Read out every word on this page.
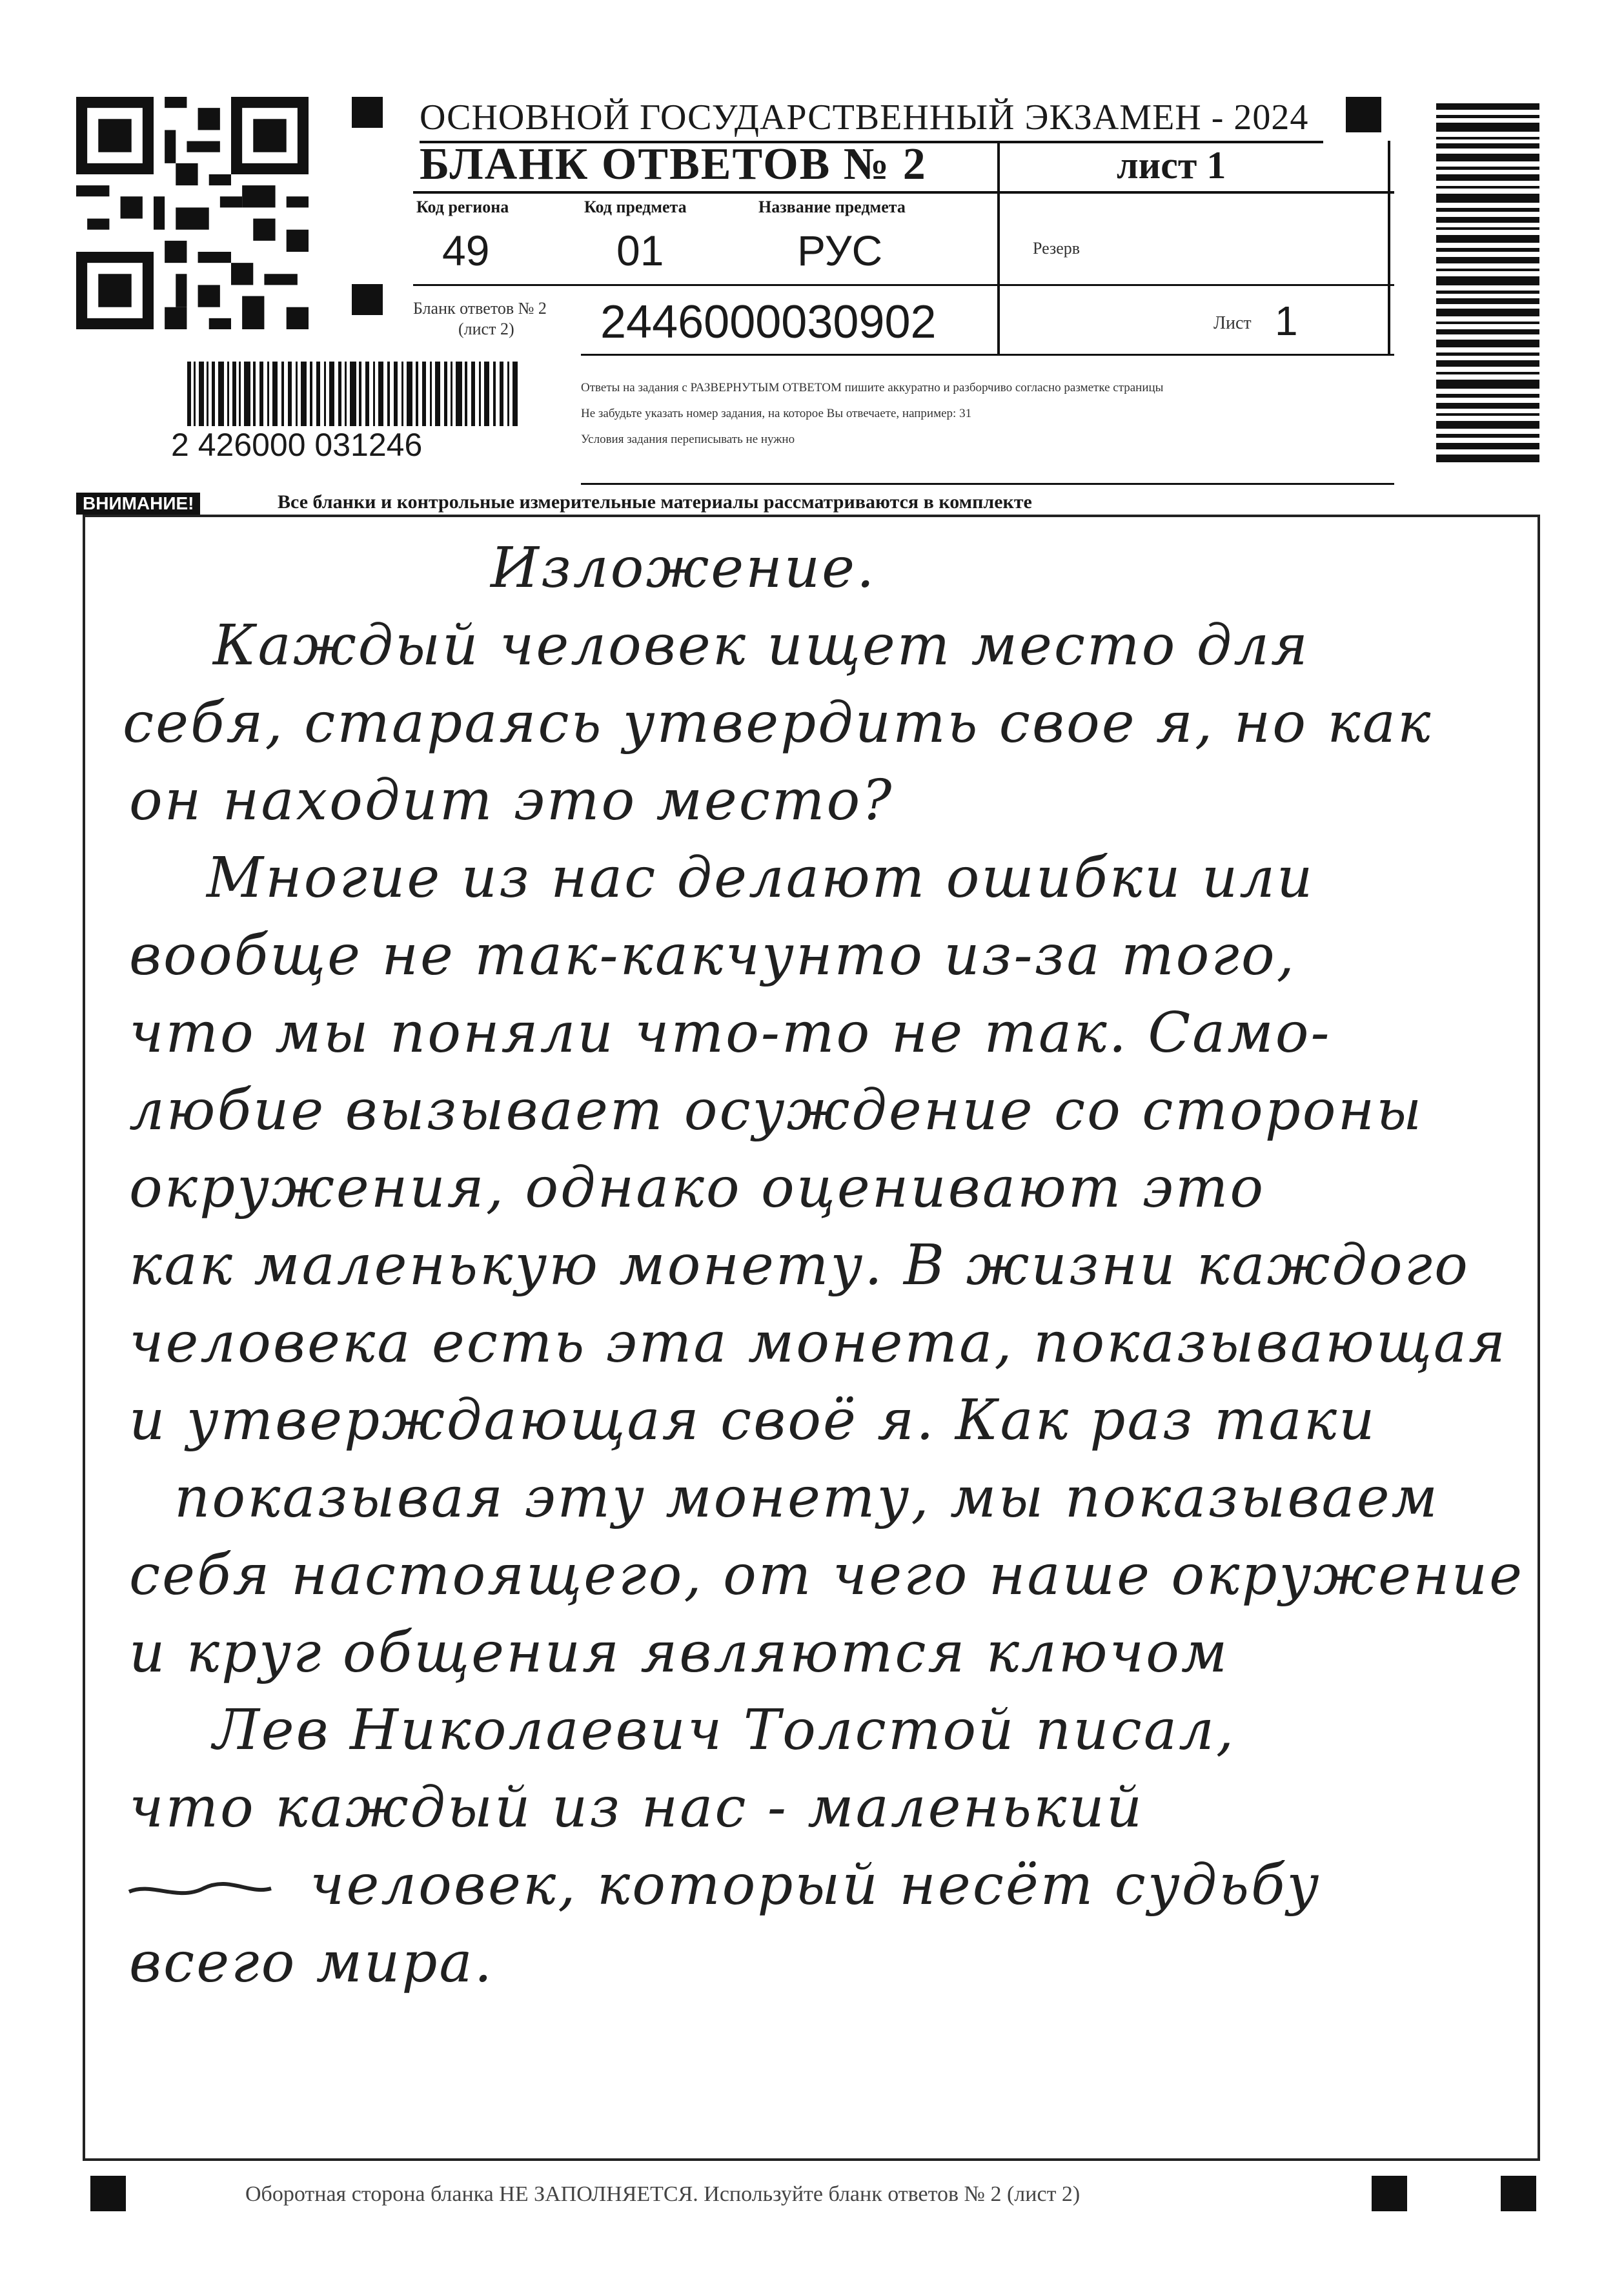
ОСНОВНОЙ ГОСУДАРСТВЕННЫЙ ЭКЗАМЕН - 2024
БЛАНК ОТВЕТОВ № 2	лист 1
Код региона
49
Код предмета
01
Название предмета
РУС	Резерв
Бланк ответов № 2
(лист 2) 2446000030902	Лист 1
2 426000 031246
Ответы на задания с РАЗВЕРНУТЫМ ОТВЕТОМ пишите аккуратно и разборчиво согласно разметке страницы
Не забудьте указать номер задания, на которое Вы отвечаете, например: 31
Условия задания переписывать не нужно
ВНИМАНИЕ!	Все бланки и контрольные измерительные материалы рассматриваются в комплекте
Изложение.
Каждый человек ищет место для
себя, стараясь утвердить свое я, но как
он находит это место?
Многие из нас делают ошибки или
вообще не так-какчунто из-за того,
что мы поняли что-то не так. Само-
любие вызывает осуждение со стороны
окружения, однако оценивают это
как маленькую монету. В жизни каждого
человека есть эта монета, показывающая
и утверждающая своё я. Как раз таки
показывая эту монету, мы показываем
себя настоящего, от чего наше окружение
и круг общения являются ключом
Лев Николаевич Толстой писал,
что каждый из нас - маленький
человек, который несёт судьбу
всего мира.
Оборотная сторона бланка НЕ ЗАПОЛНЯЕТСЯ. Используйте бланк ответов № 2 (лист 2)
